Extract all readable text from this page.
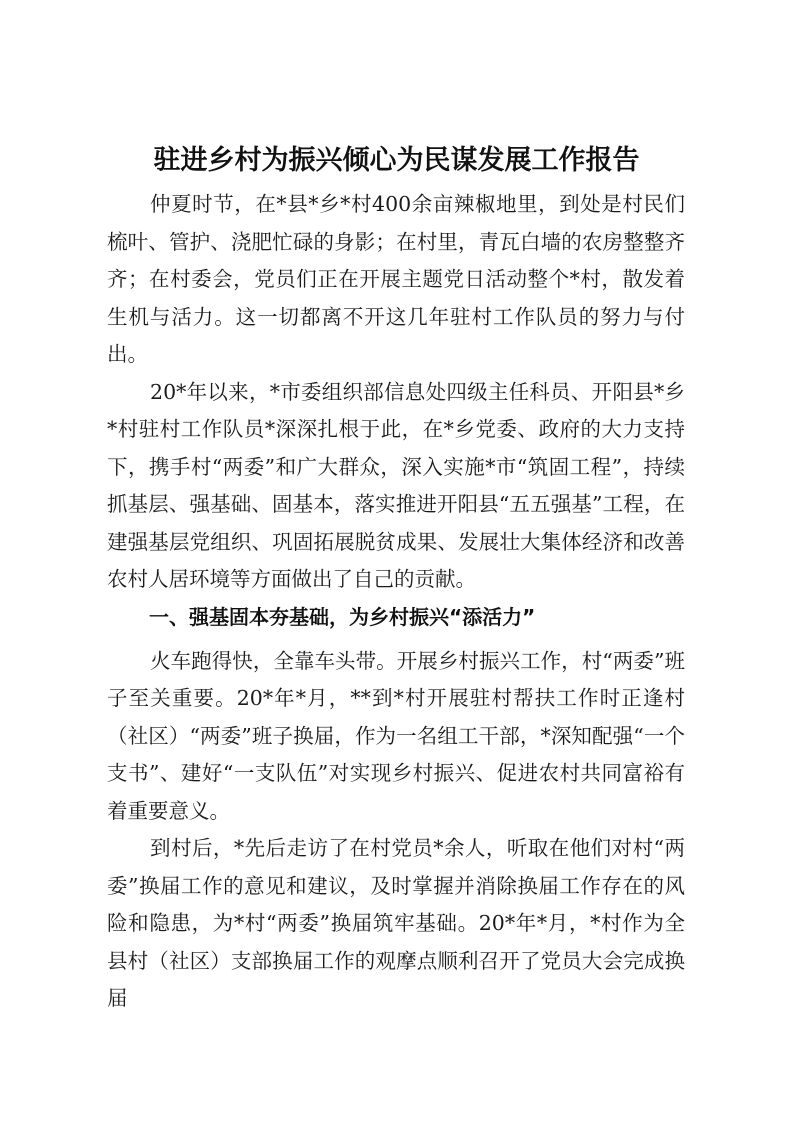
驻进乡村为振兴倾心为民谋发展工作报告

仲夏时节，在*县*乡*村400余亩辣椒地里，到处是村民们梳叶、管护、浇肥忙碌的身影；在村里，青瓦白墙的农房整整齐齐；在村委会，党员们正在开展主题党日活动整个*村，散发着生机与活力。这一切都离不开这几年驻村工作队员的努力与付出。

20*年以来，*市委组织部信息处四级主任科员、开阳县*乡*村驻村工作队员*深深扎根于此，在*乡党委、政府的大力支持下，携手村“两委”和广大群众，深入实施*市“筑固工程”，持续抓基层、强基础、固基本，落实推进开阳县“五五强基”工程，在建强基层党组织、巩固拓展脱贫成果、发展壮大集体经济和改善农村人居环境等方面做出了自己的贡献。

一、强基固本夯基础，为乡村振兴“添活力”

火车跑得快，全靠车头带。开展乡村振兴工作，村“两委”班子至关重要。20*年*月，**到*村开展驻村帮扶工作时正逢村（社区）“两委”班子换届，作为一名组工干部，*深知配强“一个支书”、建好“一支队伍”对实现乡村振兴、促进农村共同富裕有着重要意义。

到村后，*先后走访了在村党员*余人，听取在他们对村“两委”换届工作的意见和建议，及时掌握并消除换届工作存在的风险和隐患，为*村“两委”换届筑牢基础。20*年*月，*村作为全县村（社区）支部换届工作的观摩点顺利召开了党员大会完成换届
